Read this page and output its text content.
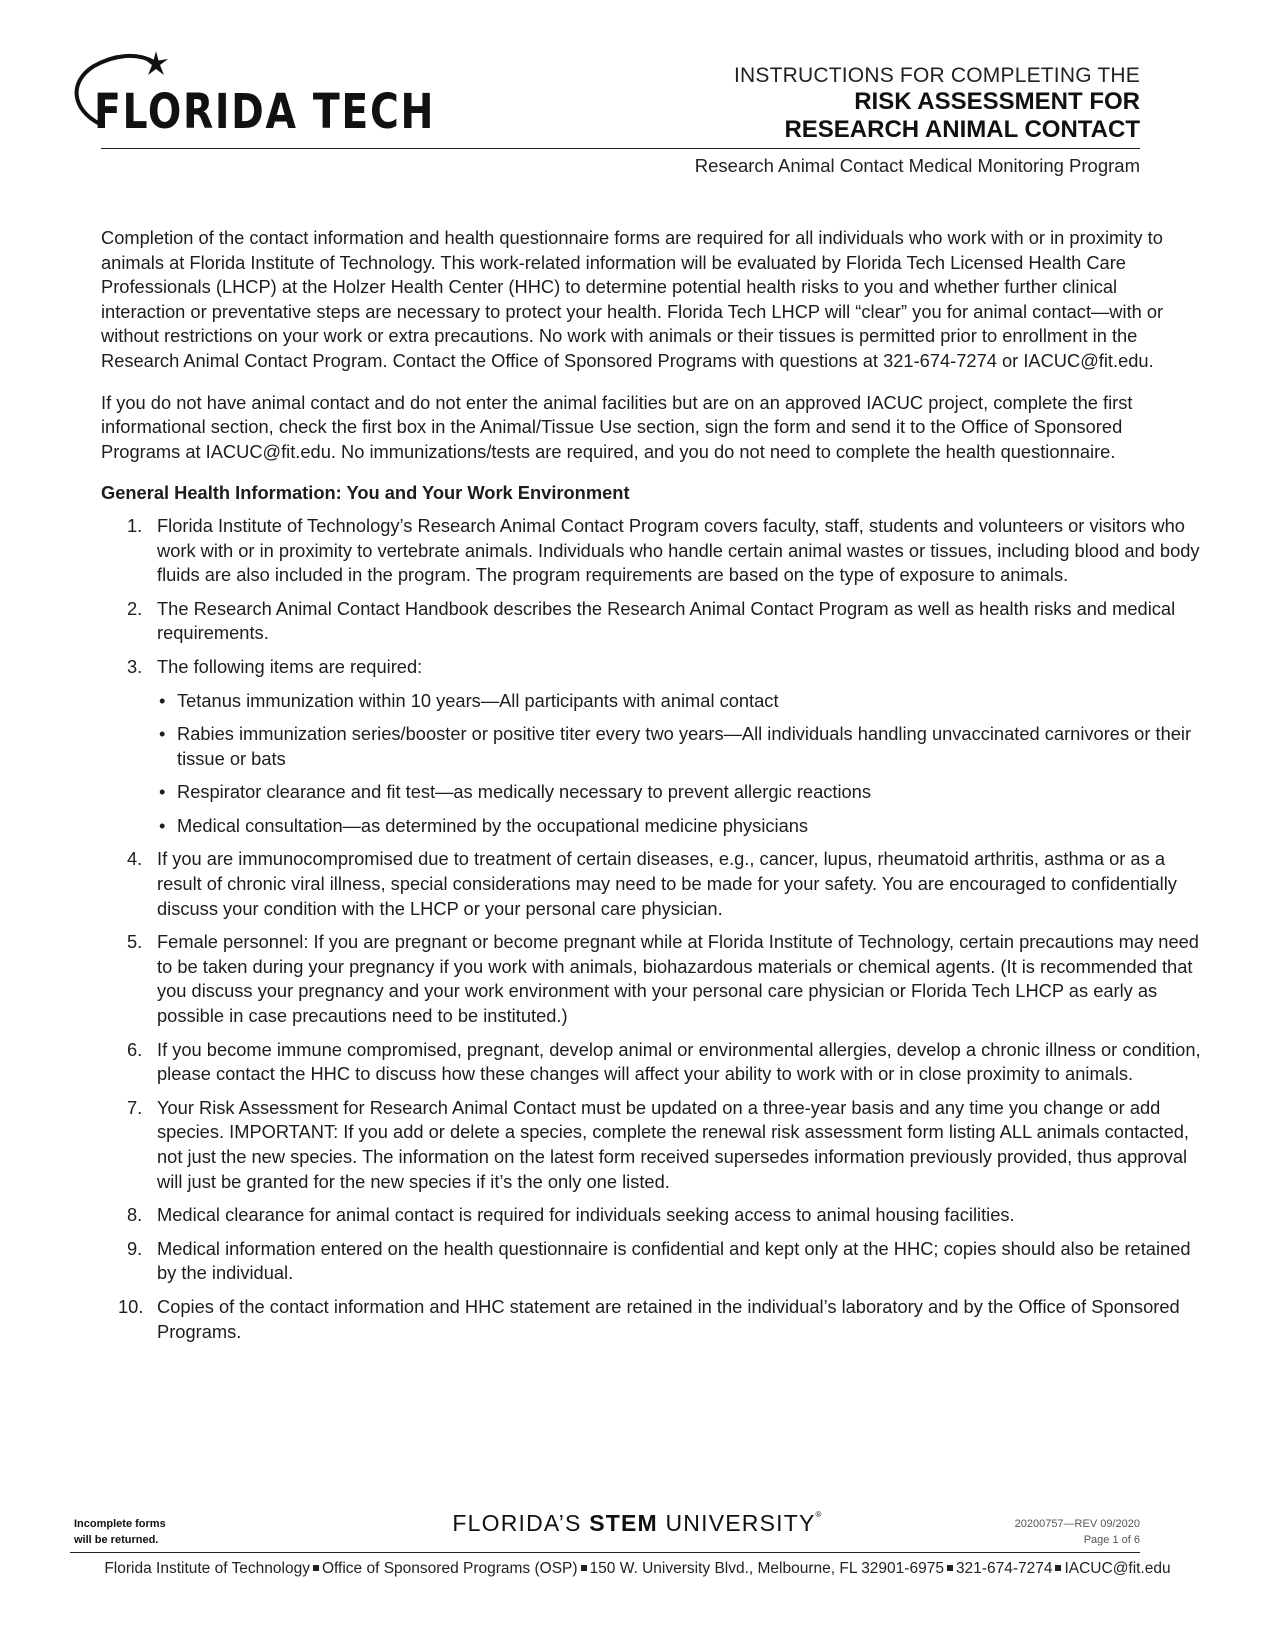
FLORIDA TECH
INSTRUCTIONS FOR COMPLETING THE
RISK ASSESSMENT FOR
RESEARCH ANIMAL CONTACT
Research Animal Contact Medical Monitoring Program

Completion of the contact information and health questionnaire forms are required for all individuals who work with or in proximity to animals at Florida Institute of Technology. This work-related information will be evaluated by Florida Tech Licensed Health Care Professionals (LHCP) at the Holzer Health Center (HHC) to determine potential health risks to you and whether further clinical interaction or preventative steps are necessary to protect your health. Florida Tech LHCP will “clear” you for animal contact—with or without restrictions on your work or extra precautions. No work with animals or their tissues is permitted prior to enrollment in the Research Animal Contact Program. Contact the Office of Sponsored Programs with questions at 321-674-7274 or IACUC@fit.edu.

If you do not have animal contact and do not enter the animal facilities but are on an approved IACUC project, complete the first informational section, check the first box in the Animal/Tissue Use section, sign the form and send it to the Office of Sponsored Programs at IACUC@fit.edu. No immunizations/tests are required, and you do not need to complete the health questionnaire.

General Health Information: You and Your Work Environment

1. Florida Institute of Technology’s Research Animal Contact Program covers faculty, staff, students and volunteers or visitors who work with or in proximity to vertebrate animals. Individuals who handle certain animal wastes or tissues, including blood and body fluids are also included in the program. The program requirements are based on the type of exposure to animals.
2. The Research Animal Contact Handbook describes the Research Animal Contact Program as well as health risks and medical requirements.
3. The following items are required:
• Tetanus immunization within 10 years—All participants with animal contact
• Rabies immunization series/booster or positive titer every two years—All individuals handling unvaccinated carnivores or their tissue or bats
• Respirator clearance and fit test—as medically necessary to prevent allergic reactions
• Medical consultation—as determined by the occupational medicine physicians
4. If you are immunocompromised due to treatment of certain diseases, e.g., cancer, lupus, rheumatoid arthritis, asthma or as a result of chronic viral illness, special considerations may need to be made for your safety. You are encouraged to confidentially discuss your condition with the LHCP or your personal care physician.
5. Female personnel: If you are pregnant or become pregnant while at Florida Institute of Technology, certain precautions may need to be taken during your pregnancy if you work with animals, biohazardous materials or chemical agents. (It is recommended that you discuss your pregnancy and your work environment with your personal care physician or Florida Tech LHCP as early as possible in case precautions need to be instituted.)
6. If you become immune compromised, pregnant, develop animal or environmental allergies, develop a chronic illness or condition, please contact the HHC to discuss how these changes will affect your ability to work with or in close proximity to animals.
7. Your Risk Assessment for Research Animal Contact must be updated on a three-year basis and any time you change or add species. IMPORTANT: If you add or delete a species, complete the renewal risk assessment form listing ALL animals contacted, not just the new species. The information on the latest form received supersedes information previously provided, thus approval will just be granted for the new species if it’s the only one listed.
8. Medical clearance for animal contact is required for individuals seeking access to animal housing facilities.
9. Medical information entered on the health questionnaire is confidential and kept only at the HHC; copies should also be retained by the individual.
10. Copies of the contact information and HHC statement are retained in the individual’s laboratory and by the Office of Sponsored Programs.
Incomplete forms
will be returned.
FLORIDA’S STEM UNIVERSITY®
20200757—REV 09/2020
Page 1 of 6
Florida Institute of Technology Office of Sponsored Programs (OSP) 150 W. University Blvd., Melbourne, FL 32901-6975 321-674-7274 IACUC@fit.edu
